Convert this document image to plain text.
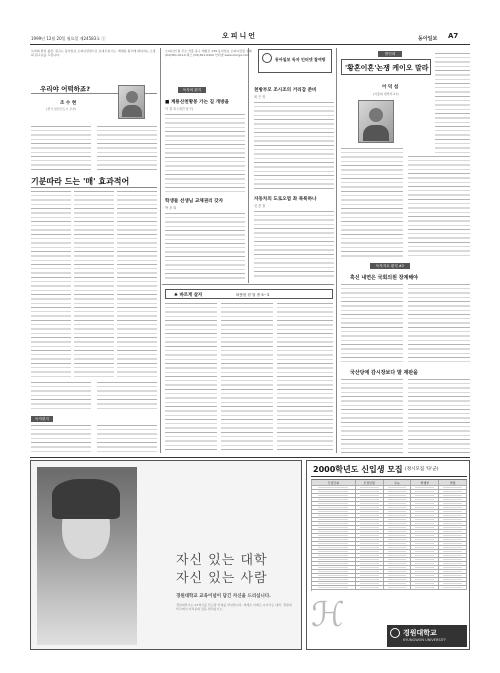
1999년 12월 20일 월요일 제24583호 ⓡ	오피니언	동아일보 A7
독자의 편지 광장. 원고는 동아일보 오피니언팀으로 보내주십시오. 게재된 원고에 대하여는 소정의 원고료를 드립니다.
우리야 어떡하죠?
조 수 현
(경기 일산신도시 주부)
기분따라 드는 '매' 효과적어
독자편지
오피니언 팀 주소 서울 중구 세종로 139 동아일보 오피니언팀 전화 (02)361-0114 팩스 (02)361-0400 인터넷 www.donga.com
동아일보 독자 인터넷 참여방
독자의 편지
■ 계룡산천황봉 가는 길 개방을
이 창 호 (대전 동구)
학생들 선생님 교체권리 갖자
박 윤 희
천방부모 조시조의 거리감 준비
최 은 정
자동차의 도로오염 좌 목록하나
신 종 철
♣ 바르게 살자	따뜻한 한 말 중 5~3
발언대
'황혼이혼'논쟁 케이오 말라
이 덕 섭
(서울대 법학부교수)
독자지로 편지 #2
혹신 내면은 국회의원 장계해야
국산당에 감시장보다 말 재판을
자신 있는 대학
자신 있는 사람
경원대학교 교육이념이 담긴 자신을 드리십니다.
경원대학교는 21세기를 선도할 인재를 양성합니다. 세계로 미래로 나아가는 대학, 경원대학교에서 여러분의 꿈을 펼치십시오.
2000학년도 신입생 모집 (정시모집 '다'군)
모집단위	모집인원	수능	학생부	면접
ℋ	경원대학교
KYUNGWON UNIVERSITY
